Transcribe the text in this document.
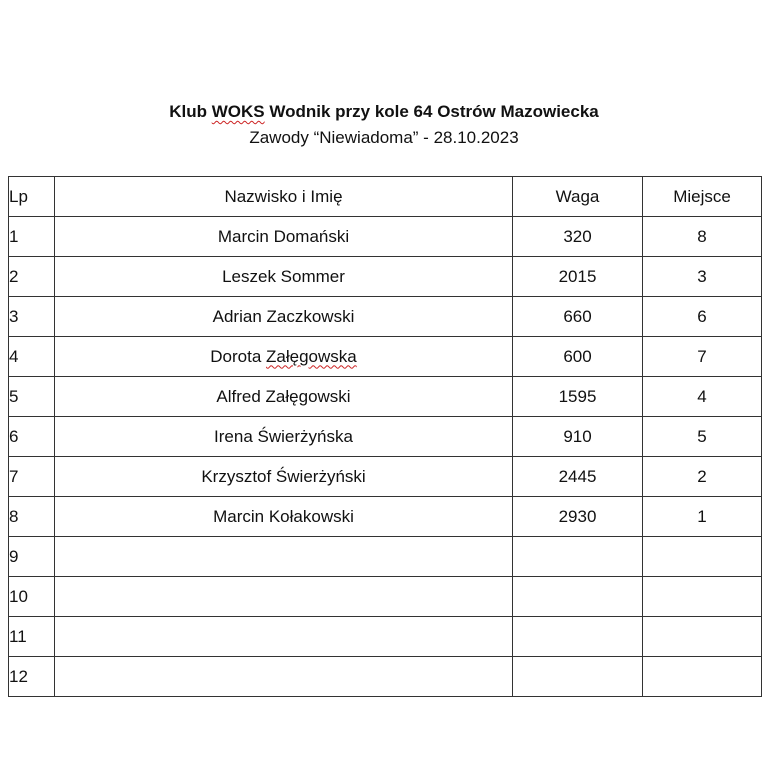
Klub WOKS Wodnik przy kole 64 Ostrów Mazowiecka
Zawody “Niewiadoma” - 28.10.2023
Lp	Nazwisko i Imię	Waga	Miejsce
1	Marcin Domański	320	8
2	Leszek Sommer	2015	3
3	Adrian Zaczkowski	660	6
4	Dorota Załęgowska	600	7
5	Alfred Załęgowski	1595	4
6	Irena Świerżyńska	910	5
7	Krzysztof Świerżyński	2445	2
8	Marcin Kołakowski	2930	1
9			
10			
11			
12			
